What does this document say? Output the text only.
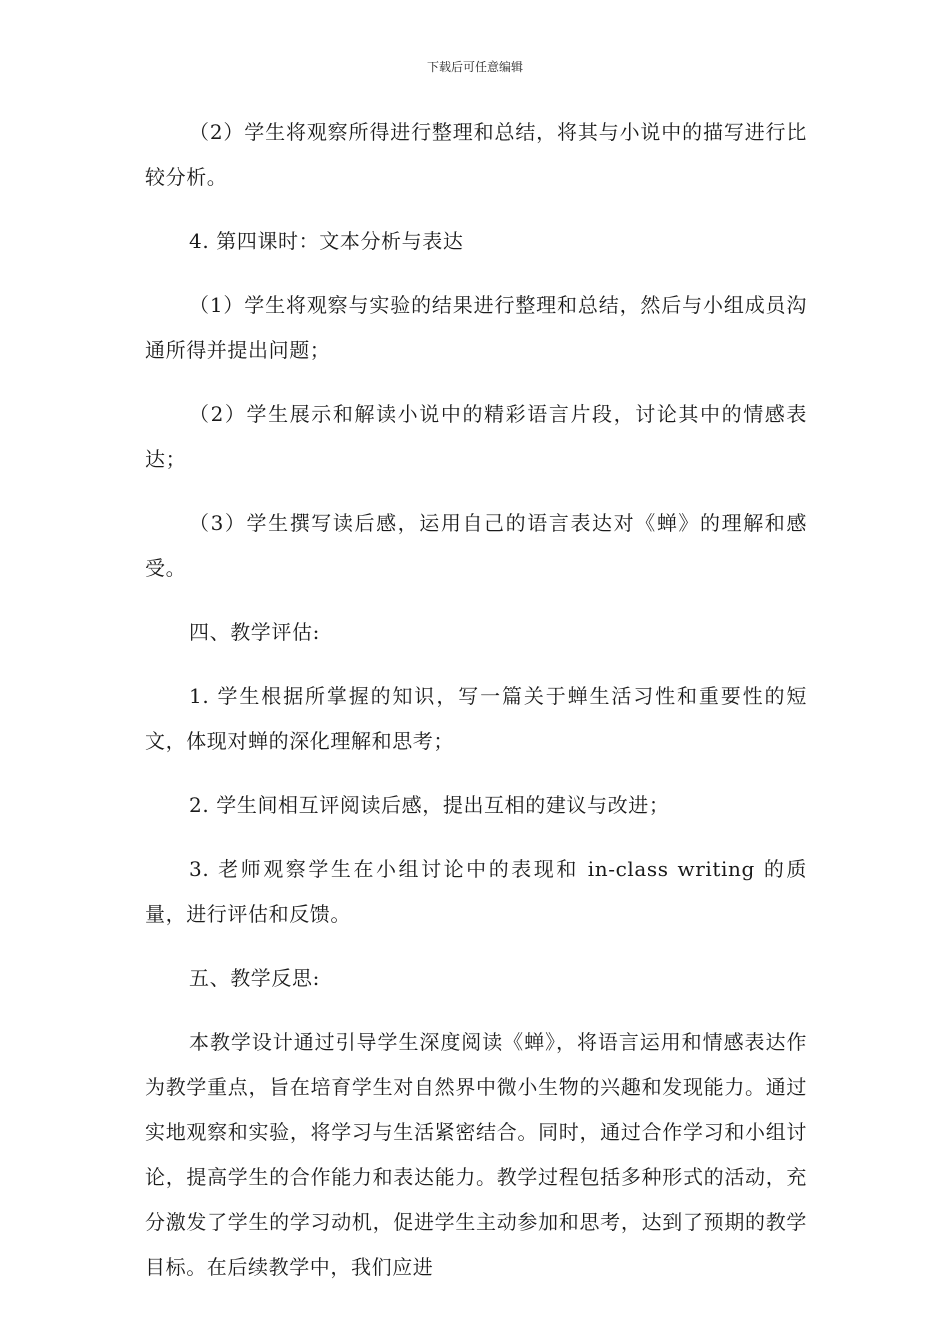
下载后可任意编辑

（2）学生将观察所得进行整理和总结，将其与小说中的描写进行比较分析。

4. 第四课时：文本分析与表达

（1）学生将观察与实验的结果进行整理和总结，然后与小组成员沟通所得并提出问题；

（2）学生展示和解读小说中的精彩语言片段，讨论其中的情感表达；

（3）学生撰写读后感，运用自己的语言表达对《蝉》的理解和感受。

四、教学评估:

1. 学生根据所掌握的知识，写一篇关于蝉生活习性和重要性的短文，体现对蝉的深化理解和思考；

2. 学生间相互评阅读后感，提出互相的建议与改进；

3. 老师观察学生在小组讨论中的表现和 in-class writing 的质量，进行评估和反馈。

五、教学反思:

本教学设计通过引导学生深度阅读《蝉》，将语言运用和情感表达作为教学重点，旨在培育学生对自然界中微小生物的兴趣和发现能力。通过实地观察和实验，将学习与生活紧密结合。同时，通过合作学习和小组讨论，提高学生的合作能力和表达能力。教学过程包括多种形式的活动，充分激发了学生的学习动机，促进学生主动参加和思考，达到了预期的教学目标。在后续教学中，我们应进
